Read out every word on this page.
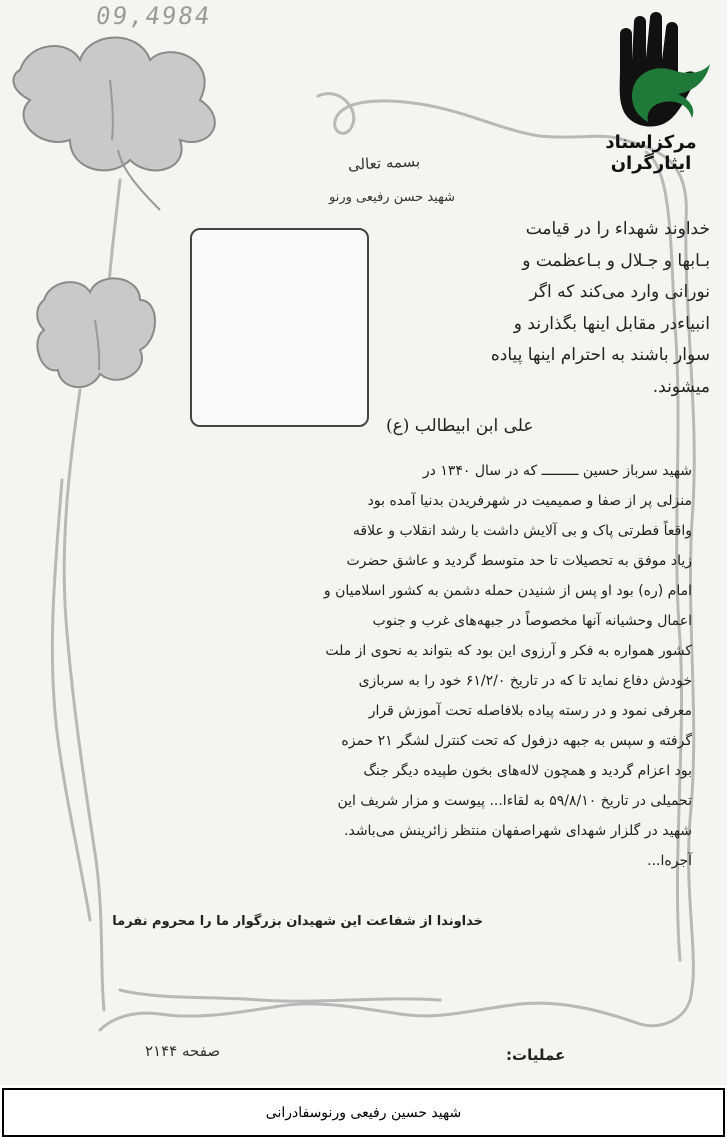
09,4984
مرکزاسناد ایثارگران
بسمه تعالی
شهید حسن رفیعی ورنو
خداوند شهداء را در قیامت
بـابها و جـلال و بـاعظمت و
نورانی وارد می‌کند که اگر
انبیاءدر مقابل اینها بگذارند و
سوار باشند به احترام اینها پیاده
میشوند.
علی ابن ابیطالب (ع)
شهید سرباز حسین ـــــــــ که در سال ۱۳۴۰ در
منزلی پر از صفا و صمیمیت در شهرفریدن بدنیا آمده بود
واقعاً فطرتی پاک و بی آلایش داشت با رشد انقلاب و علاقه
زیاد موفق به تحصیلات تا حد متوسط گردید و عاشق حضرت
امام (ره) بود او پس از شنیدن حمله دشمن به کشور اسلامیان و
اعمال وحشیانه آنها مخصوصاً در جبهه‌های غرب و جنوب
کشور همواره به فکر و آرزوی این بود که بتواند به نحوی از ملت
خودش دفاع نماید تا که در تاریخ ۶۱/۲/۰ خود را به سربازی
معرفی نمود و در رسته پیاده بلافاصله تحت آموزش قرار
گرفته و سپس به جبهه دزفول که تحت کنترل لشگر ۲۱ حمزه
بود اعزام گردید و همچون لاله‌های بخون طپیده دیگر جنگ
تحمیلی در تاریخ ۵۹/۸/۱۰ به لقاءا... پیوست و مزار شریف این
شهید در گلزار شهدای شهراصفهان منتظر زائرینش می‌باشد.
آجره‌ا...
خداوندا از شفاعت این شهیدان بزرگوار ما را محروم نفرما
صفحه ۲۱۴۴	عملیات:
شهید حسین رفیعی ورنوسفادرانی
